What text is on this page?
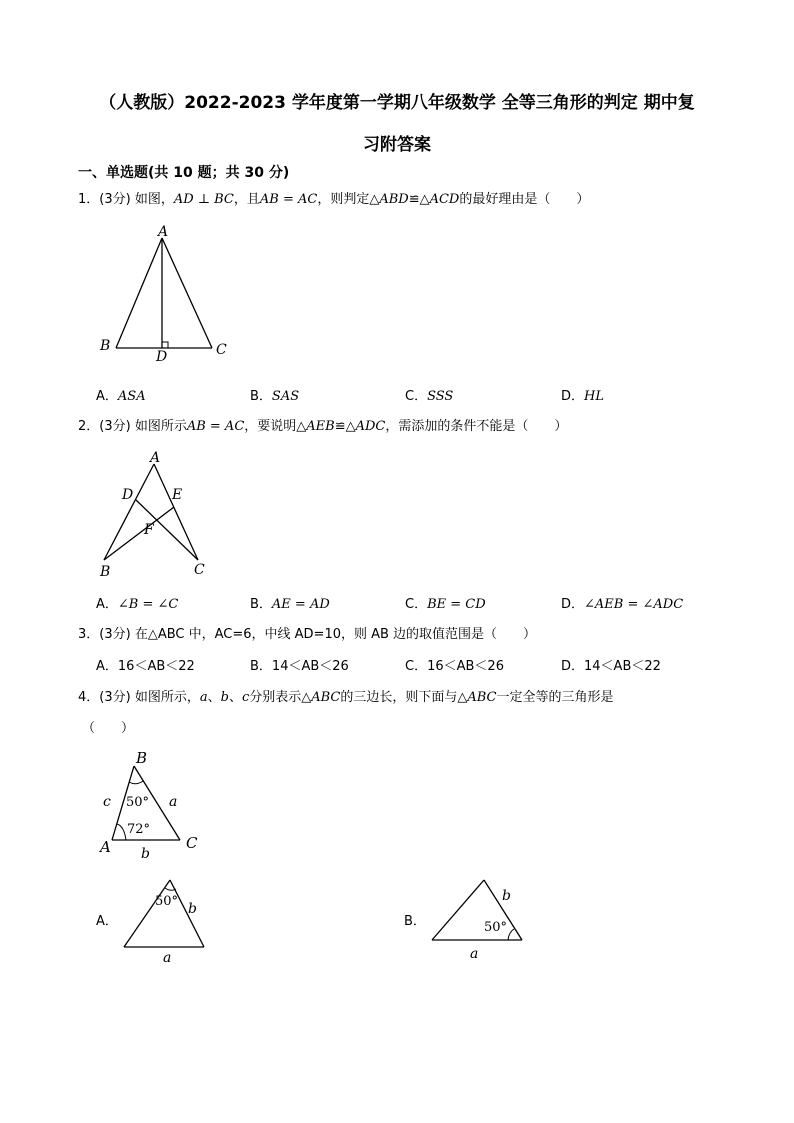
（人教版）2022-2023 学年度第一学期八年级数学 全等三角形的判定 期中复
习附答案
一、单选题(共 10 题；共 30 分)
1．(3分) 如图，AD ⊥ BC，且AB = AC，则判定△ABD≌△ACD的最好理由是（　　）
A
B	C
D
A．ASA	B．SAS	C．SSS	D．HL
2．(3分) 如图所示AB = AC，要说明△AEB≌△ADC，需添加的条件不能是（　　）
A
B	C
D	E
F
A．∠B = ∠C	B．AE = AD	C．BE = CD	D．∠AEB = ∠ADC
3．(3分) 在△ABC 中，AC=6，中线 AD=10，则 AB 边的取值范围是（　　）
A．16＜AB＜22	B．14＜AB＜26	C．16＜AB＜26	D．14＜AB＜22
4．(3分) 如图所示，a、b、c分别表示△ABC的三边长，则下面与△ABC一定全等的三角形是
（　　）
B
A	C
c	a
b
50°
72°
A．
50° b
a
B．	50°
b
a
